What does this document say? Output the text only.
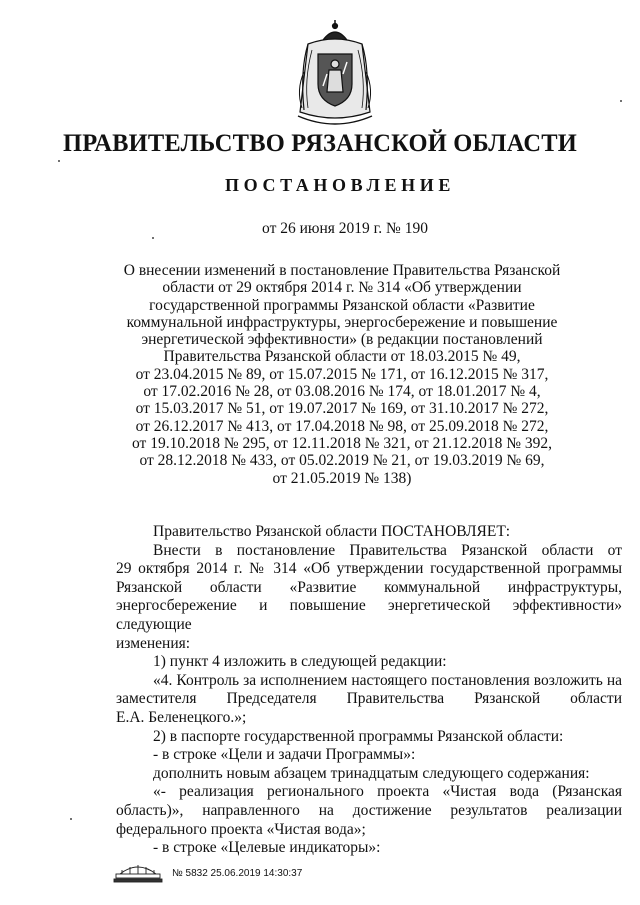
ПРАВИТЕЛЬСТВО РЯЗАНСКОЙ ОБЛАСТИ
ПОСТАНОВЛЕНИЕ
от 26 июня 2019 г. № 190
О внесении изменений в постановление Правительства Рязанской
области от 29 октября 2014 г. № 314 «Об утверждении
государственной программы Рязанской области «Развитие
коммунальной инфраструктуры, энергосбережение и повышение
энергетической эффективности» (в редакции постановлений
Правительства Рязанской области от 18.03.2015 № 49,
от 23.04.2015 № 89, от 15.07.2015 № 171, от 16.12.2015 № 317,
от 17.02.2016 № 28, от 03.08.2016 № 174, от 18.01.2017 № 4,
от 15.03.2017 № 51, от 19.07.2017 № 169, от 31.10.2017 № 272,
от 26.12.2017 № 413, от 17.04.2018 № 98, от 25.09.2018 № 272,
от 19.10.2018 № 295, от 12.11.2018 № 321, от 21.12.2018 № 392,
от 28.12.2018 № 433, от 05.02.2019 № 21, от 19.03.2019 № 69,
от 21.05.2019 № 138)

Правительство Рязанской области ПОСТАНОВЛЯЕТ:

Внести в постановление Правительства Рязанской области от

29 октября 2014 г. № 314 «Об утверждении государственной программы

Рязанской области «Развитие коммунальной инфраструктуры,

энергосбережение и повышение энергетической эффективности» следующие

изменения:

1) пункт 4 изложить в следующей редакции:

«4. Контроль за исполнением настоящего постановления возложить на

заместителя Председателя Правительства Рязанской области

Е.А. Беленецкого.»;

2) в паспорте государственной программы Рязанской области:

- в строке «Цели и задачи Программы»:

дополнить новым абзацем тринадцатым следующего содержания:

«- реализация регионального проекта «Чистая вода (Рязанская

область)», направленного на достижение результатов реализации

федерального проекта «Чистая вода»;

- в строке «Целевые индикаторы»:

№ 5832 25.06.2019 14:30:37
